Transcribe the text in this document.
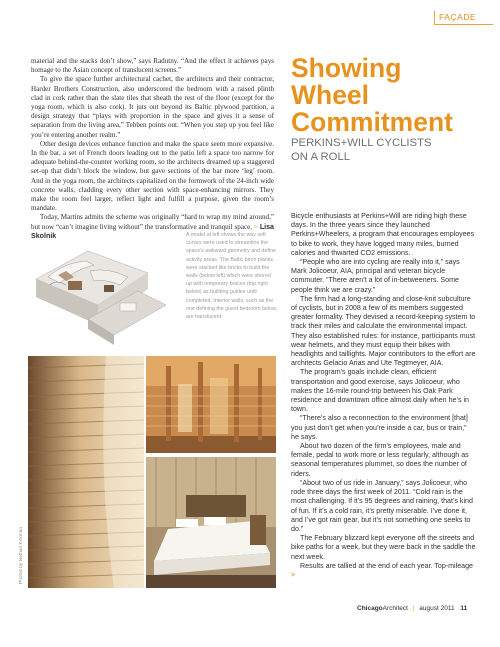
FAÇADE

material and the stacks don’t show,” says Radutny. “And the effect it achieves pays homage to the Asian concept of translucent screens.”

To give the space further architectural cachet, the architects and their contractor, Harder Brothers Construction, also underscored the bedroom with a raised plinth clad in cork rather than the slate tiles that sheath the rest of the floor (except for the yoga room, which is also cork). It juts out beyond its Baltic plywood partition, a design strategy that “plays with proportion in the space and gives it a sense of separation from the living area,” Tebben points out. “When you step up you feel like you’re entering another realm.”

Other design devices enhance function and make the space seem more expansive. In the bar, a set of French doors leading out to the patio left a space too narrow for adequate behind-the-counter working room, so the architects dreamed up a staggered set-up that didn’t block the window, but gave sections of the bar more ‘leg’ room. And in the yoga room, the architects capitalized on the formwork of the 24-inch wide concrete walls, cladding every other section with space-enhancing mirrors. They make the room feel larger, reflect light and fulfill a purpose, given the room’s mandate.

Today, Martins admits the scheme was originally “hard to wrap my mind around,” but now “can’t imagine living without” the transformative and tranquil space. > Lisa Skolnik	A model at left shows the way soft curves were used to streamline the space's awkward geometry and define activity areas. The Baltic birch planks were stacked like bricks to build the walls (below left) which were shored up with temporary braces (top right below) as building guides until completed. Interior walls, such as the one defining the guest bedroom below, are translucent.
Photos by Nathan Kirkman
Showing
Wheel
Commitment
PERKINS+WILL CYCLISTS
ON A ROLL

Bicycle enthusiasts at Perkins+Will are riding high these days. In the three years since they launched Perkins+Wheelers, a program that encourages employees to bike to work, they have logged many miles, burned calories and thwarted CO2 emissions.

“People who are into cycling are really into it,” says Mark Jolicoeur, AIA, principal and veteran bicycle commuter. “There aren’t a lot of in-betweeners. Some people think we are crazy.”

The firm had a long-standing and close-knit subculture of cyclists, but in 2008 a few of its members suggested greater formality. They devised a record-keeping system to track their miles and calculate the environmental impact. They also established rules: for instance, participants must wear helmets, and they must equip their bikes with headlights and taillights. Major contributors to the effort are architects Gelacio Arias and Ute Tegtmeyer, AIA.

The program’s goals include clean, efficient transportation and good exercise, says Jolicoeur, who makes the 16-mile round-trip between his Oak Park residence and downtown office almost daily when he’s in town.

“There’s also a reconnection to the environment [that] you just don’t get when you’re inside a car, bus or train,” he says.

About two dozen of the firm’s employees, male and female, pedal to work more or less regularly, although as seasonal temperatures plummet, so does the number of riders.

“About two of us ride in January,” says Jolicoeur, who rode three days the first week of 2011. “Cold rain is the most challenging. If it’s 95 degrees and raining, that’s kind of fun. If it’s a cold rain, it’s pretty miserable. I’ve done it, and I’ve got rain gear, but it’s not something one seeks to do.”

The February blizzard kept everyone off the streets and bike paths for a week, but they were back in the saddle the next week.

Results are tallied at the end of each year. Top-mileage >

ChicagoArchitect | august 2011 11
